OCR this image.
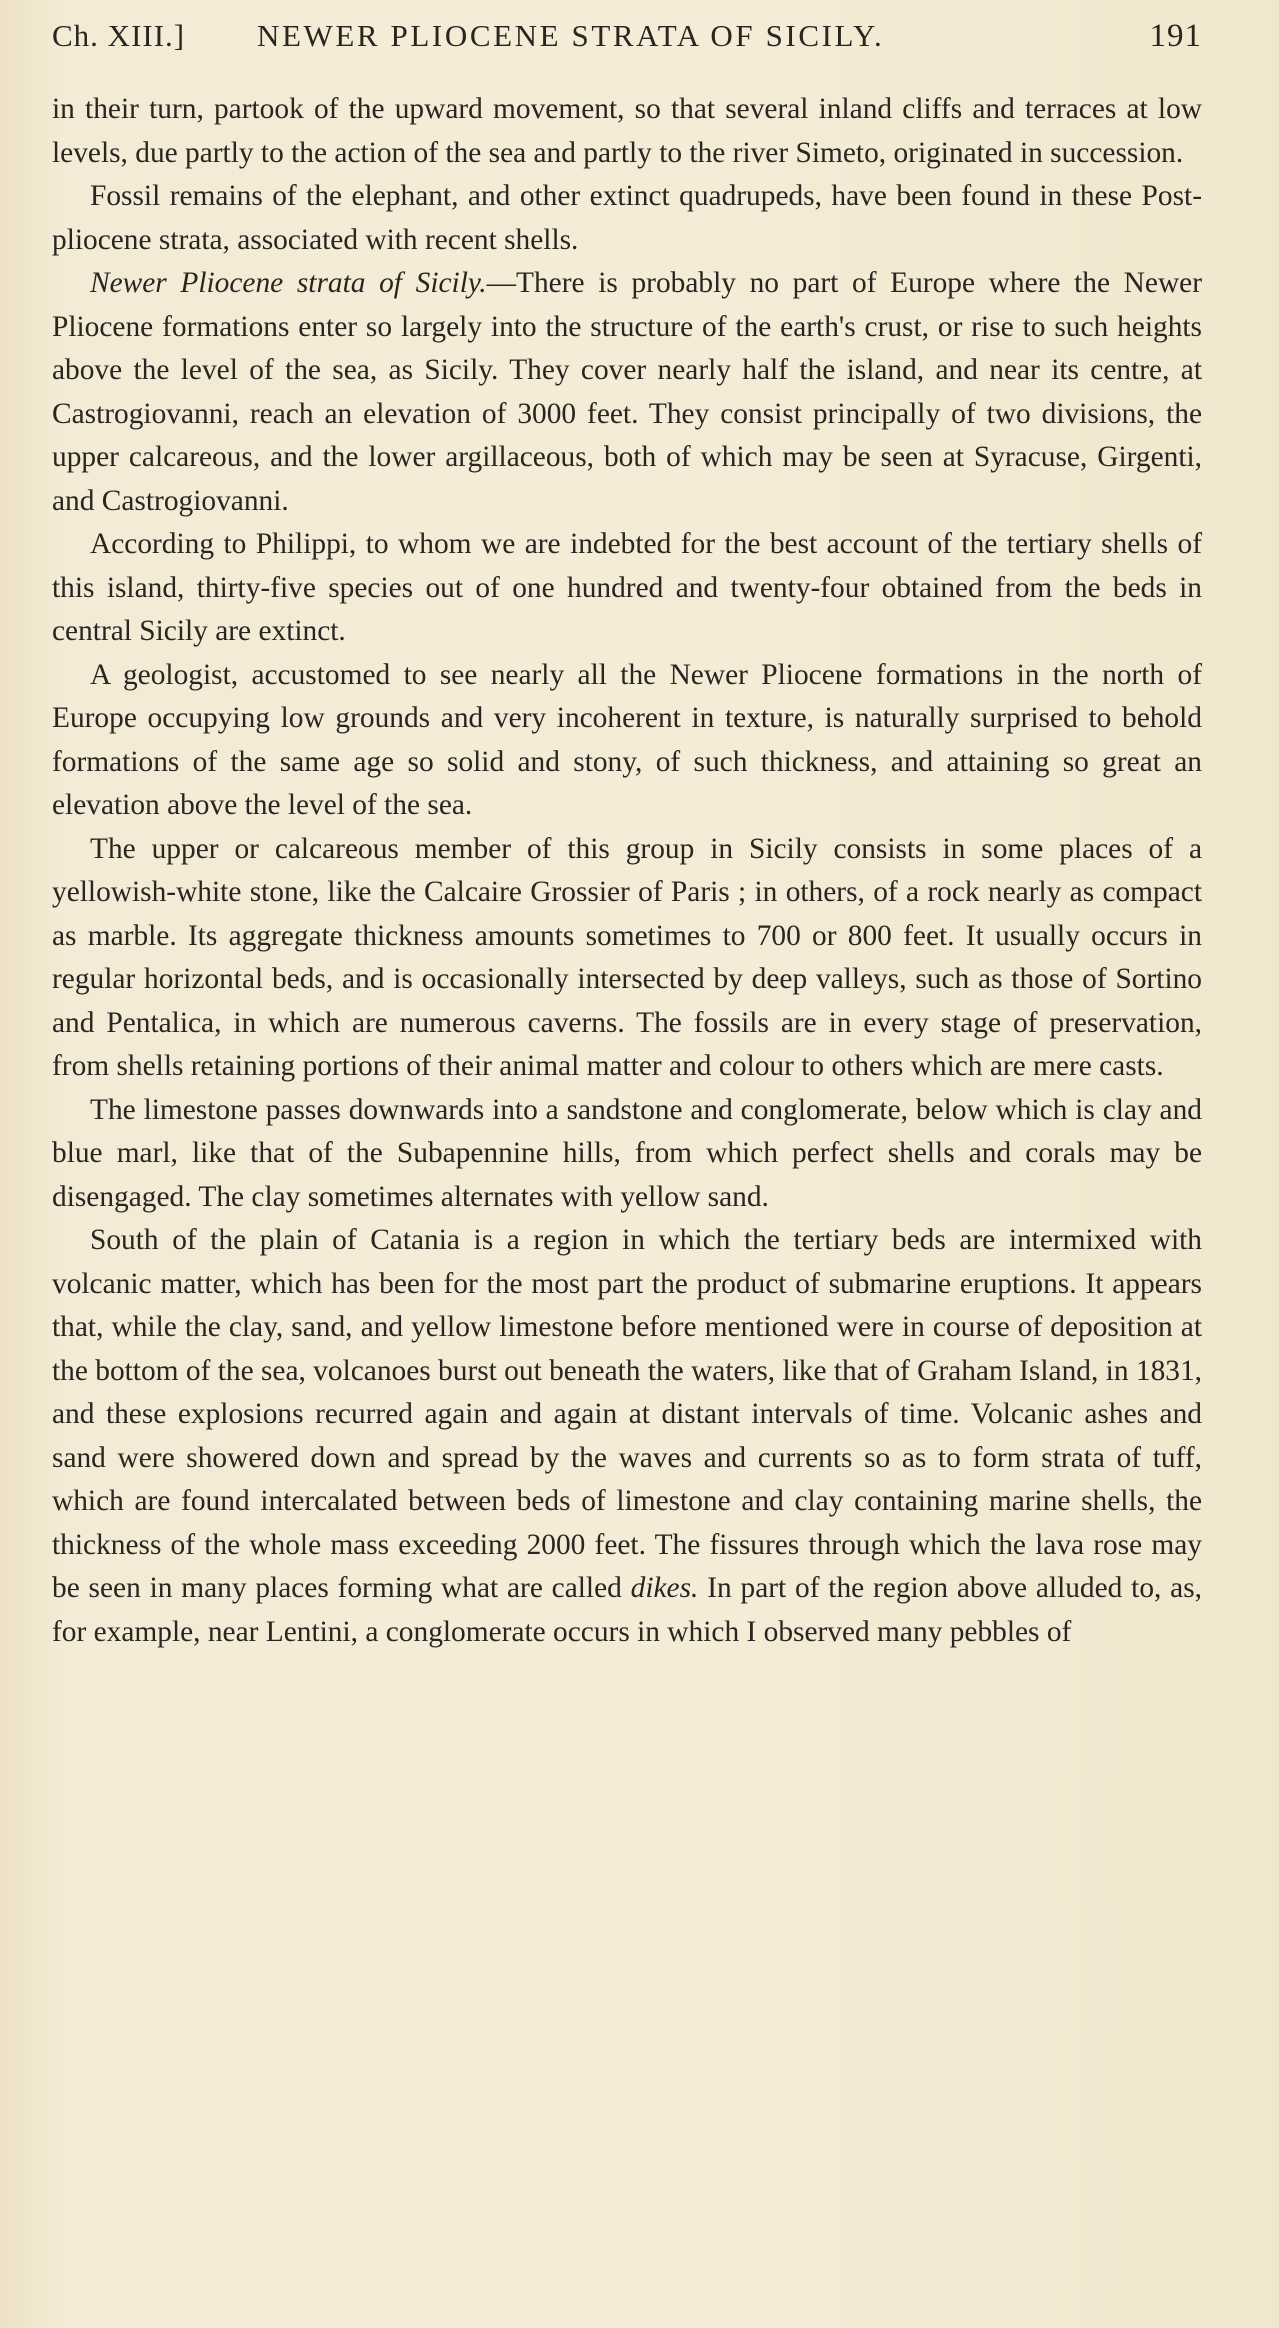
Ch. XIII.] NEWER PLIOCENE STRATA OF SICILY.	191

in their turn, partook of the upward movement, so that several inland cliffs and terraces at low levels, due partly to the action of the sea and partly to the river Simeto, originated in succession.

Fossil remains of the elephant, and other extinct quadrupeds, have been found in these Post-pliocene strata, associated with recent shells.

Newer Pliocene strata of Sicily.—There is probably no part of Europe where the Newer Pliocene formations enter so largely into the structure of the earth's crust, or rise to such heights above the level of the sea, as Sicily. They cover nearly half the island, and near its centre, at Castrogiovanni, reach an elevation of 3000 feet. They consist principally of two divisions, the upper calcareous, and the lower argillaceous, both of which may be seen at Syracuse, Girgenti, and Castrogiovanni.

According to Philippi, to whom we are indebted for the best account of the tertiary shells of this island, thirty-five species out of one hundred and twenty-four obtained from the beds in central Sicily are extinct.

A geologist, accustomed to see nearly all the Newer Pliocene formations in the north of Europe occupying low grounds and very incoherent in texture, is naturally surprised to behold formations of the same age so solid and stony, of such thickness, and attaining so great an elevation above the level of the sea.

The upper or calcareous member of this group in Sicily consists in some places of a yellowish-white stone, like the Calcaire Grossier of Paris ; in others, of a rock nearly as compact as marble. Its aggregate thickness amounts sometimes to 700 or 800 feet. It usually occurs in regular horizontal beds, and is occasionally intersected by deep valleys, such as those of Sortino and Pentalica, in which are numerous caverns. The fossils are in every stage of preservation, from shells retaining portions of their animal matter and colour to others which are mere casts.

The limestone passes downwards into a sandstone and conglomerate, below which is clay and blue marl, like that of the Subapennine hills, from which perfect shells and corals may be disengaged. The clay sometimes alternates with yellow sand.

South of the plain of Catania is a region in which the tertiary beds are intermixed with volcanic matter, which has been for the most part the product of submarine eruptions. It appears that, while the clay, sand, and yellow limestone before mentioned were in course of deposition at the bottom of the sea, volcanoes burst out beneath the waters, like that of Graham Island, in 1831, and these explosions recurred again and again at distant intervals of time. Volcanic ashes and sand were showered down and spread by the waves and currents so as to form strata of tuff, which are found intercalated between beds of limestone and clay containing marine shells, the thickness of the whole mass exceeding 2000 feet. The fissures through which the lava rose may be seen in many places forming what are called dikes. In part of the region above alluded to, as, for example, near Lentini, a conglomerate occurs in which I observed many pebbles of
